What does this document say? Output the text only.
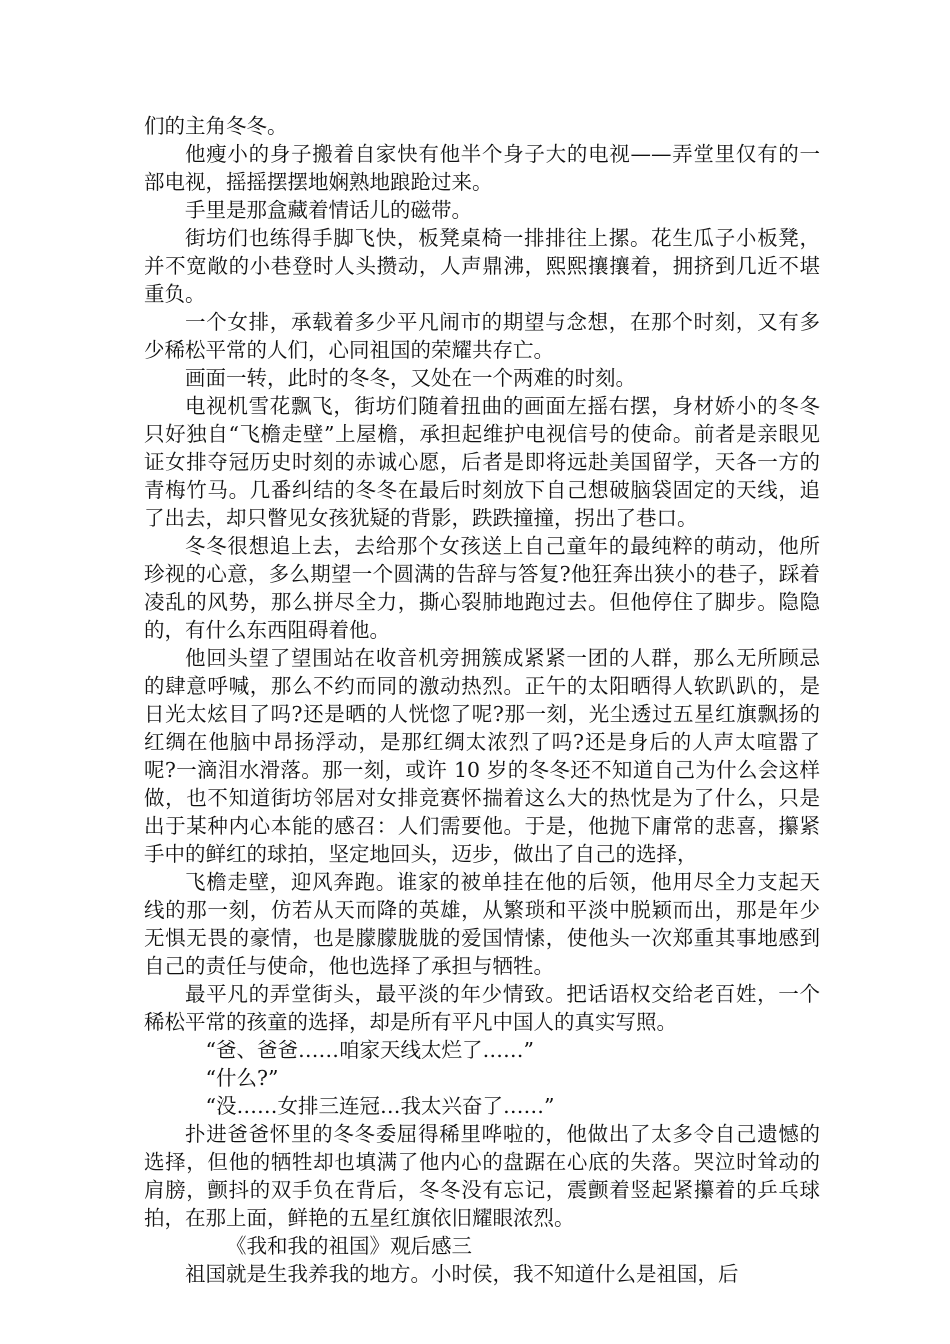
们的主角冬冬。

他瘦小的身子搬着自家快有他半个身子大的电视——弄堂里仅有的一部电视，摇摇摆摆地娴熟地踉跄过来。

手里是那盒藏着情话儿的磁带。

街坊们也练得手脚飞快，板凳桌椅一排排往上摞。花生瓜子小板凳，并不宽敞的小巷登时人头攒动，人声鼎沸，熙熙攘攘着，拥挤到几近不堪重负。

一个女排，承载着多少平凡闹市的期望与念想，在那个时刻，又有多少稀松平常的人们，心同祖国的荣耀共存亡。

画面一转，此时的冬冬，又处在一个两难的时刻。

电视机雪花飘飞，街坊们随着扭曲的画面左摇右摆，身材娇小的冬冬只好独自“飞檐走壁”上屋檐，承担起维护电视信号的使命。前者是亲眼见证女排夺冠历史时刻的赤诚心愿，后者是即将远赴美国留学，天各一方的青梅竹马。几番纠结的冬冬在最后时刻放下自己想破脑袋固定的天线，追了出去，却只瞥见女孩犹疑的背影，跌跌撞撞，拐出了巷口。

冬冬很想追上去，去给那个女孩送上自己童年的最纯粹的萌动，他所珍视的心意，多么期望一个圆满的告辞与答复?他狂奔出狭小的巷子，踩着凌乱的风势，那么拼尽全力，撕心裂肺地跑过去。但他停住了脚步。隐隐的，有什么东西阻碍着他。

他回头望了望围站在收音机旁拥簇成紧紧一团的人群，那么无所顾忌的肆意呼喊，那么不约而同的激动热烈。正午的太阳晒得人软趴趴的，是日光太炫目了吗?还是晒的人恍惚了呢?那一刻，光尘透过五星红旗飘扬的红绸在他脑中昂扬浮动，是那红绸太浓烈了吗?还是身后的人声太喧嚣了呢?一滴泪水滑落。那一刻，或许 10 岁的冬冬还不知道自己为什么会这样做，也不知道街坊邻居对女排竞赛怀揣着这么大的热忱是为了什么，只是出于某种内心本能的感召：人们需要他。于是，他抛下庸常的悲喜，攥紧手中的鲜红的球拍，坚定地回头，迈步，做出了自己的选择，

飞檐走壁，迎风奔跑。谁家的被单挂在他的后领，他用尽全力支起天线的那一刻，仿若从天而降的英雄，从繁琐和平淡中脱颖而出，那是年少无惧无畏的豪情，也是朦朦胧胧的爱国情愫，使他头一次郑重其事地感到自己的责任与使命，他也选择了承担与牺牲。

最平凡的弄堂街头，最平淡的年少情致。把话语权交给老百姓，一个稀松平常的孩童的选择，却是所有平凡中国人的真实写照。

“爸、爸爸……咱家天线太烂了……”

“什么?”

“没……女排三连冠…我太兴奋了……”

扑进爸爸怀里的冬冬委屈得稀里哗啦的，他做出了太多令自己遗憾的选择，但他的牺牲却也填满了他内心的盘踞在心底的失落。哭泣时耸动的肩膀，颤抖的双手负在背后，冬冬没有忘记，震颤着竖起紧攥着的乒乓球拍，在那上面，鲜艳的五星红旗依旧耀眼浓烈。

《我和我的祖国》观后感三

祖国就是生我养我的地方。小时侯，我不知道什么是祖国，后
